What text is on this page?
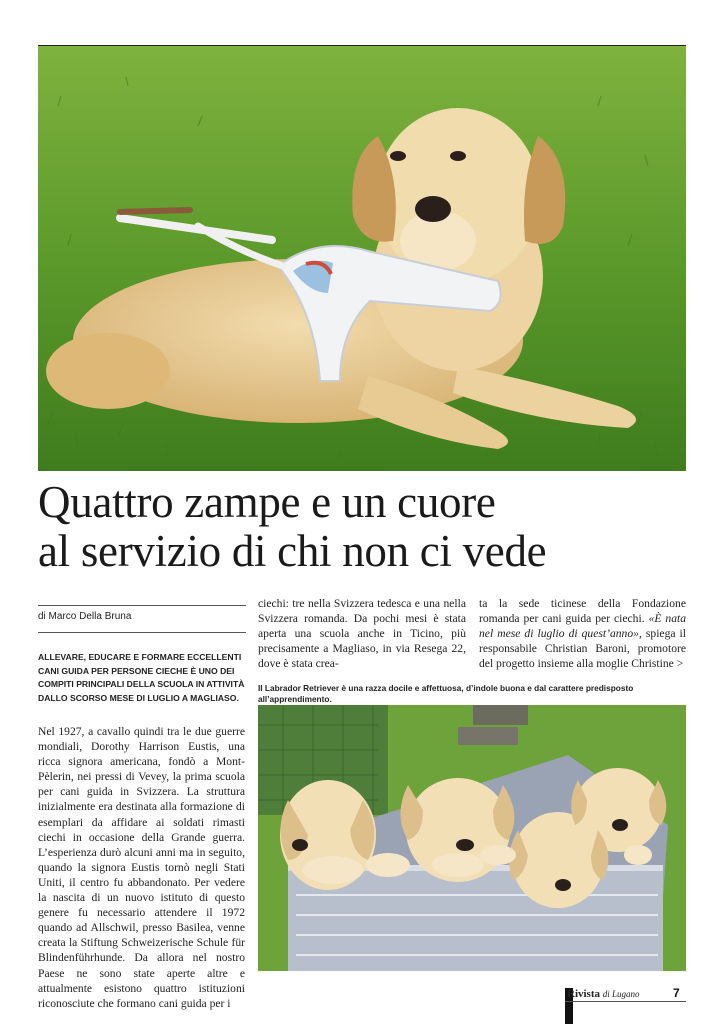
Quattro zampe e un cuore
al servizio di chi non ci vede

di Marco Della Bruna

ALLEVARE, EDUCARE E FORMARE ECCELLENTI CANI GUIDA PER PERSONE CIECHE È UNO DEI COMPITI PRINCIPALI DELLA SCUOLA IN ATTIVITÀ DALLO SCORSO MESE DI LUGLIO A MAGLIASO.

Nel 1927, a cavallo quindi tra le due guerre mondiali, Dorothy Harrison Eustis, una ricca signora americana, fondò a Mont-Pèlerin, nei pressi di Vevey, la prima scuola per cani guida in Svizzera. La struttura inizialmente era destinata alla formazione di esemplari da affidare ai soldati rimasti ciechi in occasione della Grande guerra. L’esperienza durò alcuni anni ma in seguito, quando la signora Eustis tornò negli Stati Uniti, il centro fu abbandonato. Per vedere la nascita di un nuovo istituto di questo genere fu necessario attendere il 1972 quando ad Allschwil, presso Basilea, venne creata la Stiftung Schweizerische Schule für Blindenführhunde. Da allora nel nostro Paese ne sono state aperte altre e attualmente esistono quattro istituzioni riconosciute che formano cani guida per i

ciechi: tre nella Svizzera tedesca e una nella Svizzera romanda. Da pochi mesi è stata aperta una scuola anche in Ticino, più precisamente a Magliaso, in via Resega 22, dove è stata crea-

ta la sede ticinese della Fondazione romanda per cani guida per ciechi. «È nata nel mese di luglio di quest’anno», spiega il responsabile Christian Baroni, promotore del progetto insieme alla moglie Christine >

Il Labrador Retriever è una razza docile e affettuosa, d’indole buona e dal carattere predisposto all’apprendimento.

Rivista di Lugano	7
